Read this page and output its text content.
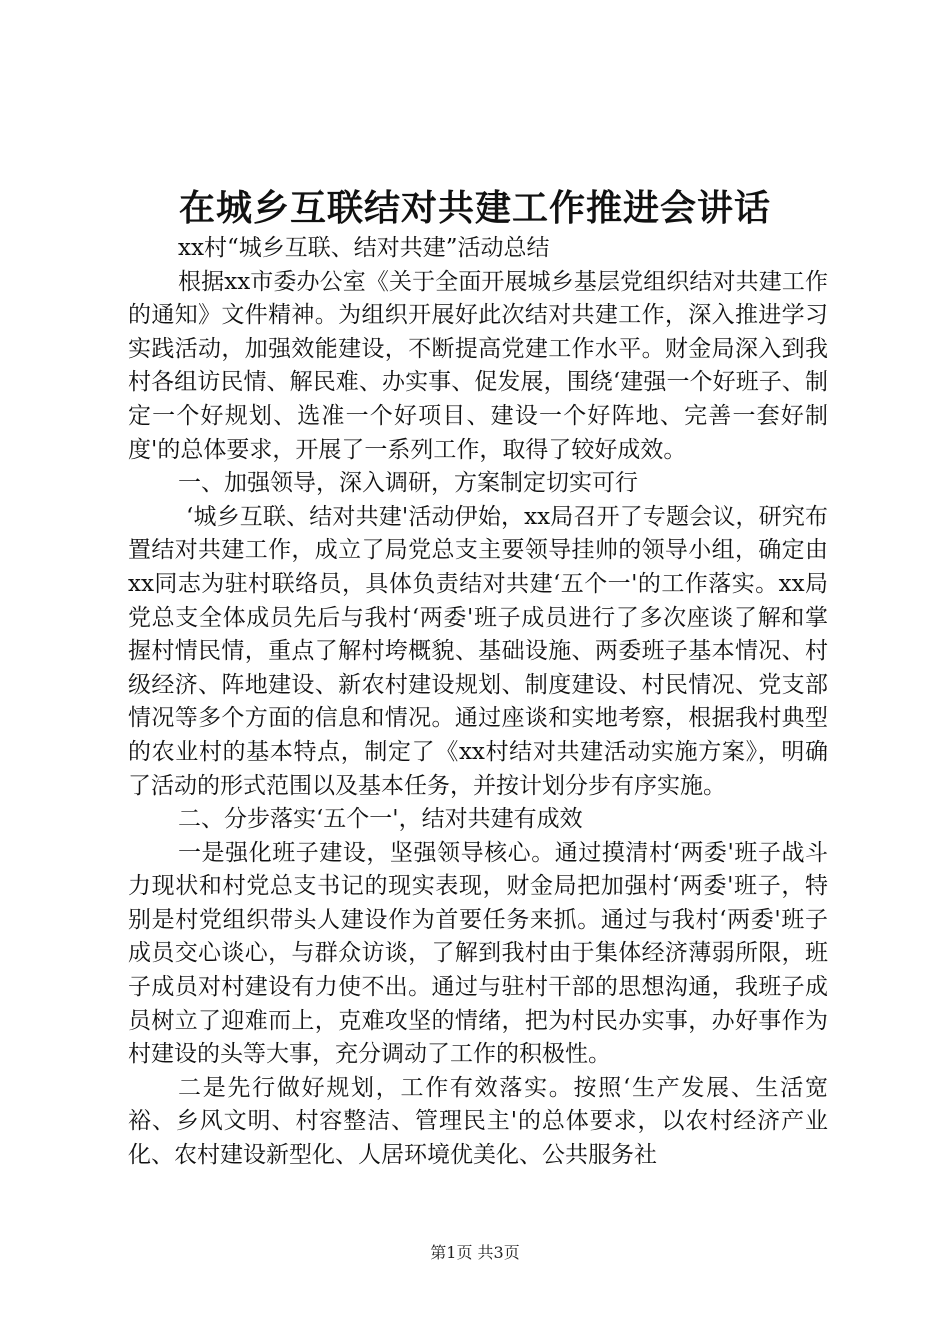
在城乡互联结对共建工作推进会讲话

xx村“城乡互联、结对共建”活动总结

根据xx市委办公室《关于全面开展城乡基层党组织结对共建工作的通知》文件精神。为组织开展好此次结对共建工作，深入推进学习实践活动，加强效能建设，不断提高党建工作水平。财金局深入到我村各组访民情、解民难、办实事、促发展，围绕‘建强一个好班子、制定一个好规划、选准一个好项目、建设一个好阵地、完善一套好制度'的总体要求，开展了一系列工作，取得了较好成效。

一、加强领导，深入调研，方案制定切实可行

‘城乡互联、结对共建'活动伊始，xx局召开了专题会议，研究布置结对共建工作，成立了局党总支主要领导挂帅的领导小组，确定由xx同志为驻村联络员，具体负责结对共建‘五个一'的工作落实。xx局党总支全体成员先后与我村‘两委'班子成员进行了多次座谈了解和掌握村情民情，重点了解村垮概貌、基础设施、两委班子基本情况、村级经济、阵地建设、新农村建设规划、制度建设、村民情况、党支部情况等多个方面的信息和情况。通过座谈和实地考察，根据我村典型的农业村的基本特点，制定了《xx村结对共建活动实施方案》，明确了活动的形式范围以及基本任务，并按计划分步有序实施。

二、分步落实‘五个一'，结对共建有成效

一是强化班子建设，坚强领导核心。通过摸清村‘两委'班子战斗力现状和村党总支书记的现实表现，财金局把加强村‘两委'班子，特别是村党组织带头人建设作为首要任务来抓。通过与我村‘两委'班子成员交心谈心，与群众访谈，了解到我村由于集体经济薄弱所限，班子成员对村建设有力使不出。通过与驻村干部的思想沟通，我班子成员树立了迎难而上，克难攻坚的情绪，把为村民办实事，办好事作为村建设的头等大事，充分调动了工作的积极性。

二是先行做好规划，工作有效落实。按照‘生产发展、生活宽裕、乡风文明、村容整洁、管理民主'的总体要求，以农村经济产业化、农村建设新型化、人居环境优美化、公共服务社

第1页 共3页
